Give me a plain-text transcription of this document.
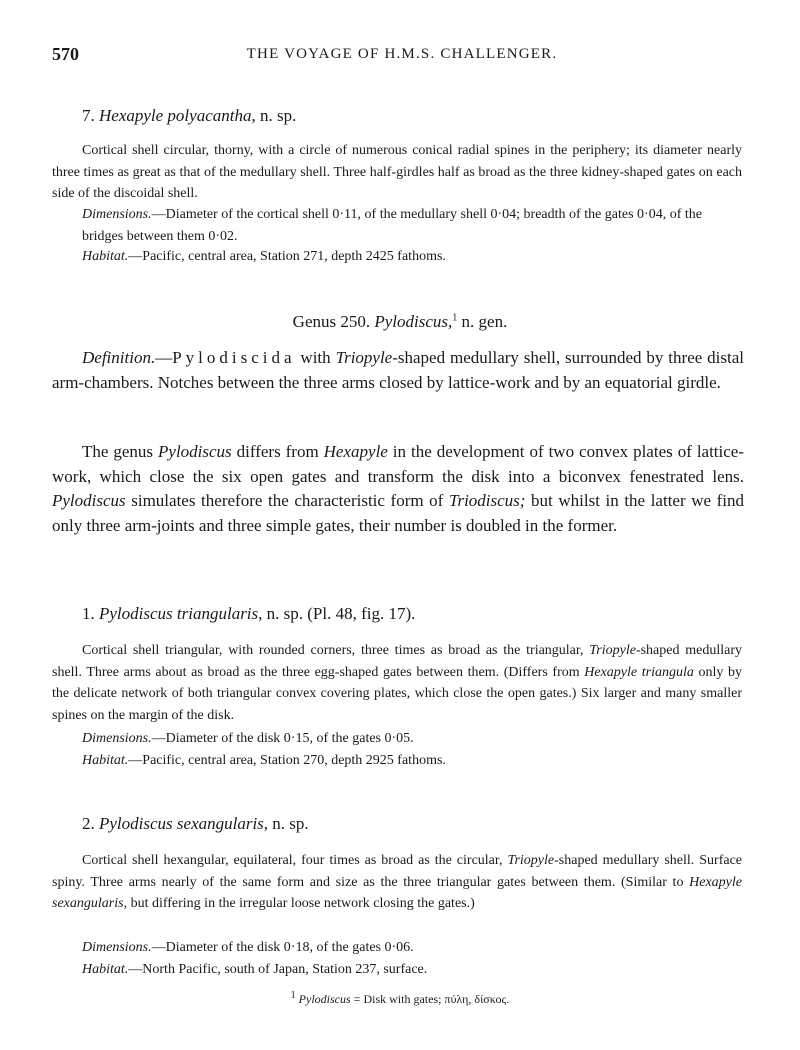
570	THE VOYAGE OF H.M.S. CHALLENGER.
7. Hexapyle polyacantha, n. sp.

Cortical shell circular, thorny, with a circle of numerous conical radial spines in the periphery; its diameter nearly three times as great as that of the medullary shell. Three half-girdles half as broad as the three kidney-shaped gates on each side of the discoidal shell.

Dimensions.—Diameter of the cortical shell 0·11, of the medullary shell 0·04; breadth of the gates 0·04, of the bridges between them 0·02.

Habitat.—Pacific, central area, Station 271, depth 2425 fathoms.

Genus 250. Pylodiscus,$^1$ n. gen.

Definition.—Pylodiscida with Triopyle-shaped medullary shell, surrounded by three distal arm-chambers. Notches between the three arms closed by lattice-work and by an equatorial girdle.

The genus Pylodiscus differs from Hexapyle in the development of two convex plates of lattice-work, which close the six open gates and transform the disk into a biconvex fenestrated lens. Pylodiscus simulates therefore the characteristic form of Triodiscus; but whilst in the latter we find only three arm-joints and three simple gates, their number is doubled in the former.

1. Pylodiscus triangularis, n. sp. (Pl. 48, fig. 17).

Cortical shell triangular, with rounded corners, three times as broad as the triangular, Triopyle-shaped medullary shell. Three arms about as broad as the three egg-shaped gates between them. (Differs from Hexapyle triangula only by the delicate network of both triangular convex covering plates, which close the open gates.) Six larger and many smaller spines on the margin of the disk.

Dimensions.—Diameter of the disk 0·15, of the gates 0·05.

Habitat.—Pacific, central area, Station 270, depth 2925 fathoms.

2. Pylodiscus sexangularis, n. sp.

Cortical shell hexangular, equilateral, four times as broad as the circular, Triopyle-shaped medullary shell. Surface spiny. Three arms nearly of the same form and size as the three triangular gates between them. (Similar to Hexapyle sexangularis, but differing in the irregular loose network closing the gates.)

Dimensions.—Diameter of the disk 0·18, of the gates 0·06.

Habitat.—North Pacific, south of Japan, Station 237, surface.

$^1$ Pylodiscus = Disk with gates; πύλη, δίσκος.
